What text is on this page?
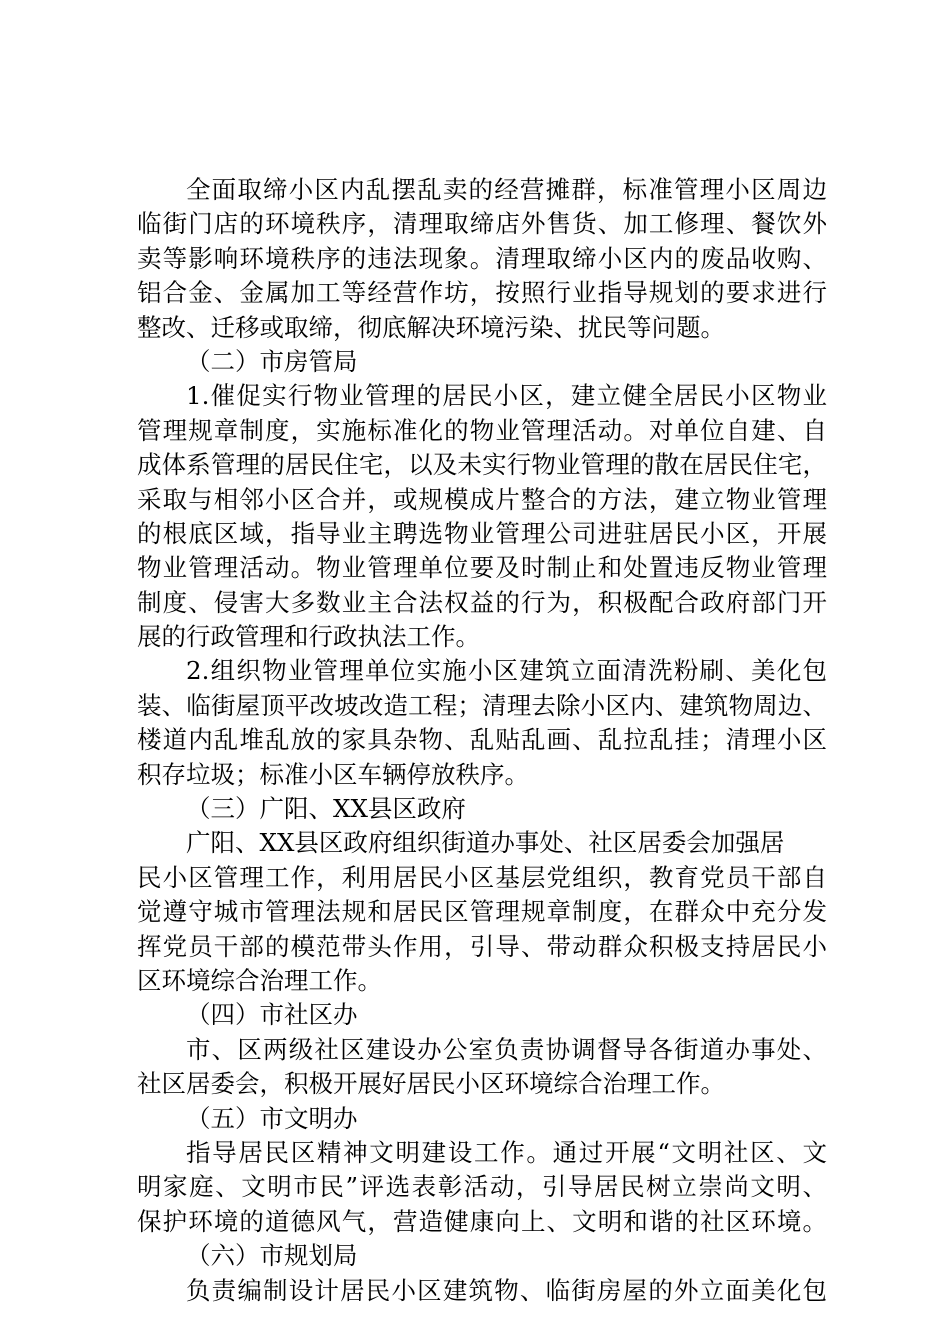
全面取缔小区内乱摆乱卖的经营摊群，标准管理小区周边
临街门店的环境秩序，清理取缔店外售货、加工修理、餐饮外
卖等影响环境秩序的违法现象。清理取缔小区内的废品收购、
铝合金、金属加工等经营作坊，按照行业指导规划的要求进行
整改、迁移或取缔，彻底解决环境污染、扰民等问题。
（二）市房管局
1.催促实行物业管理的居民小区，建立健全居民小区物业
管理规章制度，实施标准化的物业管理活动。对单位自建、自
成体系管理的居民住宅，以及未实行物业管理的散在居民住宅，
采取与相邻小区合并，或规模成片整合的方法，建立物业管理
的根底区域，指导业主聘选物业管理公司进驻居民小区，开展
物业管理活动。物业管理单位要及时制止和处置违反物业管理
制度、侵害大多数业主合法权益的行为，积极配合政府部门开
展的行政管理和行政执法工作。
2.组织物业管理单位实施小区建筑立面清洗粉刷、美化包
装、临街屋顶平改坡改造工程；清理去除小区内、建筑物周边、
楼道内乱堆乱放的家具杂物、乱贴乱画、乱拉乱挂；清理小区
积存垃圾；标准小区车辆停放秩序。
（三）广阳、XX县区政府
广阳、XX县区政府组织街道办事处、社区居委会加强居
民小区管理工作，利用居民小区基层党组织，教育党员干部自
觉遵守城市管理法规和居民区管理规章制度，在群众中充分发
挥党员干部的模范带头作用，引导、带动群众积极支持居民小
区环境综合治理工作。
（四）市社区办
市、区两级社区建设办公室负责协调督导各街道办事处、
社区居委会，积极开展好居民小区环境综合治理工作。
（五）市文明办
指导居民区精神文明建设工作。通过开展“文明社区、文
明家庭、文明市民”评选表彰活动，引导居民树立崇尚文明、
保护环境的道德风气，营造健康向上、文明和谐的社区环境。
（六）市规划局
负责编制设计居民小区建筑物、临街房屋的外立面美化包
